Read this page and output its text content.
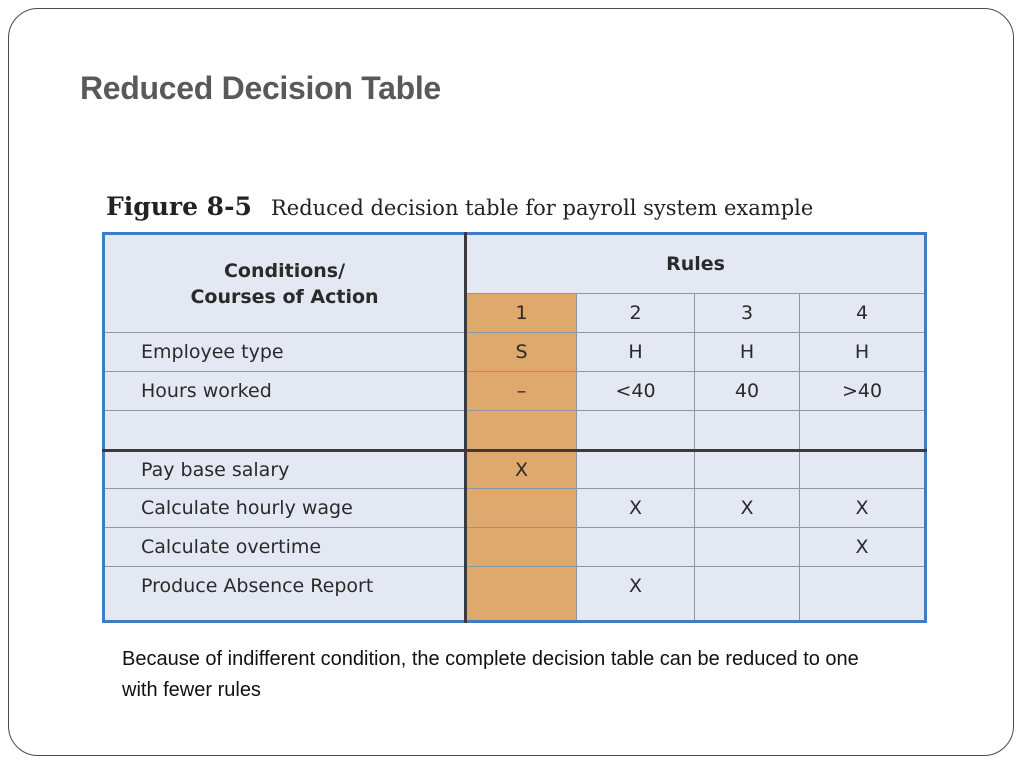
Reduced Decision Table
Figure 8-5 Reduced decision table for payroll system example
Conditions/
Courses of Action	Rules			
	1	2	3	4
Employee type	S	H	H	H
Hours worked	–	<40	40	>40

Pay base salary	X			
Calculate hourly wage		X	X	X
Calculate overtime				X
Produce Absence Report		X		

Because of indifferent condition, the complete decision table can be reduced to one with fewer rules
